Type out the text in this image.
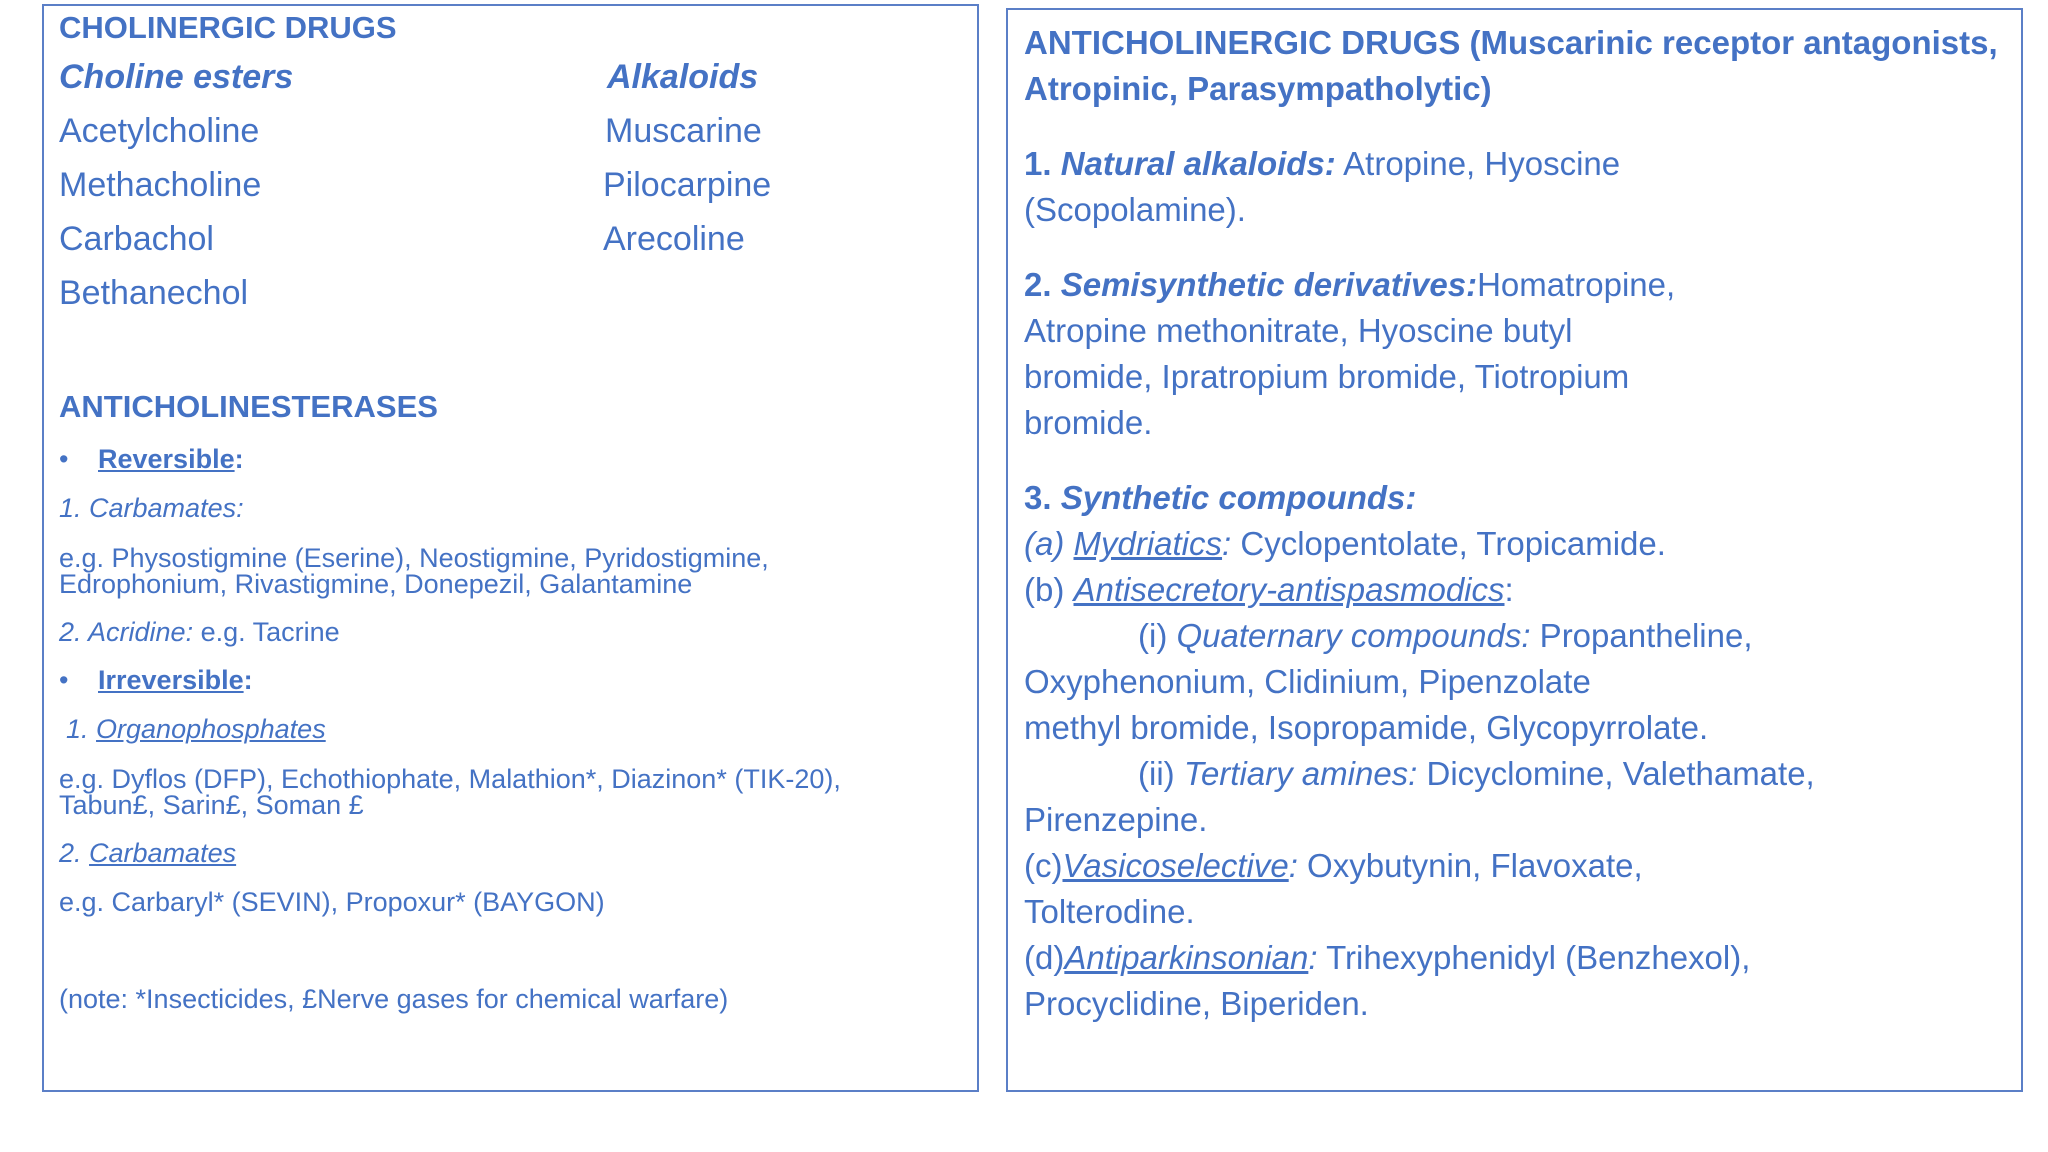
CHOLINERGIC DRUGS
Choline esters	Alkaloids
Acetylcholine
Methacholine
Carbachol
Bethanechol
Muscarine
Pilocarpine
Arecoline
ANTICHOLINESTERASES
• Reversible:
1. Carbamates:
e.g. Physostigmine (Eserine), Neostigmine, Pyridostigmine,
Edrophonium, Rivastigmine, Donepezil, Galantamine
2. Acridine: e.g. Tacrine
• Irreversible:
1. Organophosphates
e.g. Dyflos (DFP), Echothiophate, Malathion*, Diazinon* (TIK-20),
Tabun£, Sarin£, Soman £
2. Carbamates
e.g. Carbaryl* (SEVIN), Propoxur* (BAYGON)
(note: *Insecticides, £Nerve gases for chemical warfare)
ANTICHOLINERGIC DRUGS (Muscarinic receptor antagonists,
Atropinic, Parasympatholytic)
1. Natural alkaloids: Atropine, Hyoscine
(Scopolamine).
2. Semisynthetic derivatives:Homatropine,
Atropine methonitrate, Hyoscine butyl
bromide, Ipratropium bromide, Tiotropium
bromide.
3. Synthetic compounds:
(a) Mydriatics: Cyclopentolate, Tropicamide.
(b) Antisecretory-antispasmodics:
(i) Quaternary compounds: Propantheline,
Oxyphenonium, Clidinium, Pipenzolate
methyl bromide, Isopropamide, Glycopyrrolate.
(ii) Tertiary amines: Dicyclomine, Valethamate,
Pirenzepine.
(c)Vasicoselective: Oxybutynin, Flavoxate,
Tolterodine.
(d)Antiparkinsonian: Trihexyphenidyl (Benzhexol),
Procyclidine, Biperiden.
